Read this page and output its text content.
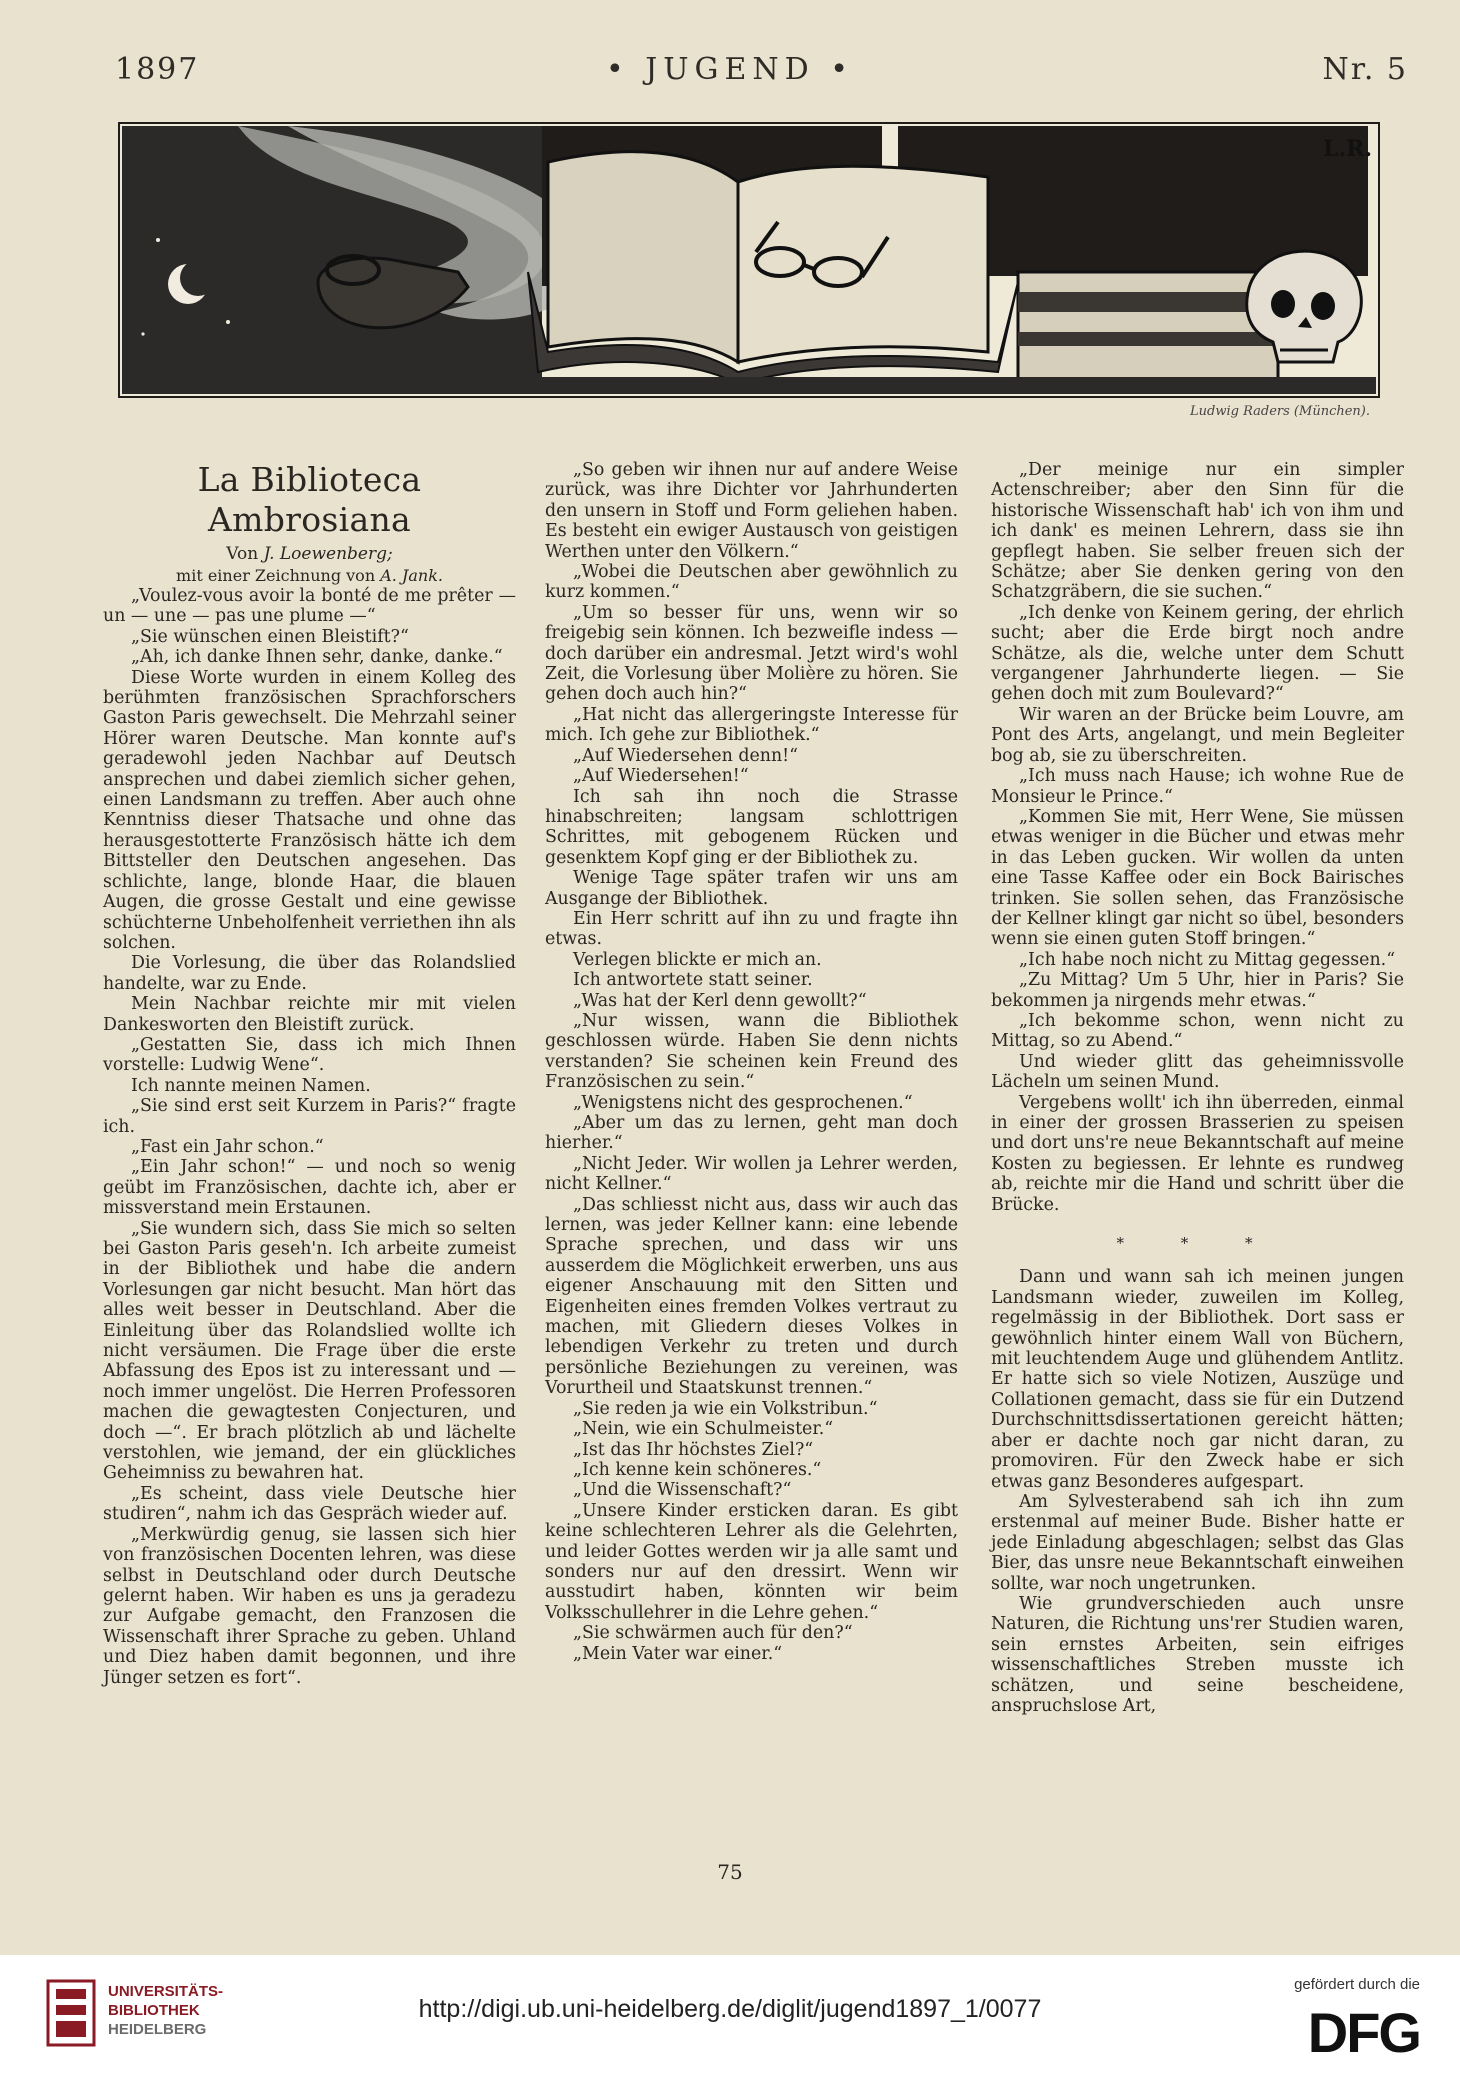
1897	• JUGEND •	Nr. 5
L.R.
Ludwig Raders (München).
La Biblioteca Ambrosiana

Von J. Loewenberg;

mit einer Zeichnung von A. Jank.

„Voulez-vous avoir la bonté de me prêter — un — une — pas une plume —“

„Sie wünschen einen Bleistift?“

„Ah, ich danke Ihnen sehr, danke, danke.“

Diese Worte wurden in einem Kolleg des berühmten französischen Sprachforschers Gaston Paris gewechselt. Die Mehrzahl seiner Hörer waren Deutsche. Man konnte auf's geradewohl jeden Nachbar auf Deutsch ansprechen und dabei ziemlich sicher gehen, einen Landsmann zu treffen. Aber auch ohne Kenntniss dieser Thatsache und ohne das herausgestotterte Französisch hätte ich dem Bittsteller den Deutschen angesehen. Das schlichte, lange, blonde Haar, die blauen Augen, die grosse Gestalt und eine gewisse schüchterne Unbeholfenheit verriethen ihn als solchen.

Die Vorlesung, die über das Rolandslied handelte, war zu Ende.

Mein Nachbar reichte mir mit vielen Dankesworten den Bleistift zurück.

„Gestatten Sie, dass ich mich Ihnen vorstelle: Ludwig Wene“.

Ich nannte meinen Namen.

„Sie sind erst seit Kurzem in Paris?“ fragte ich.

„Fast ein Jahr schon.“

„Ein Jahr schon!“ — und noch so wenig geübt im Französischen, dachte ich, aber er missverstand mein Erstaunen.

„Sie wundern sich, dass Sie mich so selten bei Gaston Paris geseh'n. Ich arbeite zumeist in der Bibliothek und habe die andern Vorlesungen gar nicht besucht. Man hört das alles weit besser in Deutschland. Aber die Einleitung über das Rolandslied wollte ich nicht versäumen. Die Frage über die erste Abfassung des Epos ist zu interessant und — noch immer ungelöst. Die Herren Professoren machen die gewagtesten Conjecturen, und doch —“. Er brach plötzlich ab und lächelte verstohlen, wie jemand, der ein glückliches Geheimniss zu bewahren hat.

„Es scheint, dass viele Deutsche hier studiren“, nahm ich das Gespräch wieder auf.

„Merkwürdig genug, sie lassen sich hier von französischen Docenten lehren, was diese selbst in Deutschland oder durch Deutsche gelernt haben. Wir haben es uns ja geradezu zur Aufgabe gemacht, den Franzosen die Wissenschaft ihrer Sprache zu geben. Uhland und Diez haben damit begonnen, und ihre Jünger setzen es fort“.

„So geben wir ihnen nur auf andere Weise zurück, was ihre Dichter vor Jahrhunderten den unsern in Stoff und Form geliehen haben. Es besteht ein ewiger Austausch von geistigen Werthen unter den Völkern.“

„Wobei die Deutschen aber gewöhnlich zu kurz kommen.“

„Um so besser für uns, wenn wir so freigebig sein können. Ich bezweifle indess — doch darüber ein andresmal. Jetzt wird's wohl Zeit, die Vorlesung über Molière zu hören. Sie gehen doch auch hin?“

„Hat nicht das allergeringste Interesse für mich. Ich gehe zur Bibliothek.“

„Auf Wiedersehen denn!“

„Auf Wiedersehen!“

Ich sah ihn noch die Strasse hinabschreiten; langsam schlottrigen Schrittes, mit gebogenem Rücken und gesenktem Kopf ging er der Bibliothek zu.

Wenige Tage später trafen wir uns am Ausgange der Bibliothek.

Ein Herr schritt auf ihn zu und fragte ihn etwas.

Verlegen blickte er mich an.

Ich antwortete statt seiner.

„Was hat der Kerl denn gewollt?“

„Nur wissen, wann die Bibliothek geschlossen würde. Haben Sie denn nichts verstanden? Sie scheinen kein Freund des Französischen zu sein.“

„Wenigstens nicht des gesprochenen.“

„Aber um das zu lernen, geht man doch hierher.“

„Nicht Jeder. Wir wollen ja Lehrer werden, nicht Kellner.“

„Das schliesst nicht aus, dass wir auch das lernen, was jeder Kellner kann: eine lebende Sprache sprechen, und dass wir uns ausserdem die Möglichkeit erwerben, uns aus eigener Anschauung mit den Sitten und Eigenheiten eines fremden Volkes vertraut zu machen, mit Gliedern dieses Volkes in lebendigen Verkehr zu treten und durch persönliche Beziehungen zu vereinen, was Vorurtheil und Staatskunst trennen.“

„Sie reden ja wie ein Volkstribun.“

„Nein, wie ein Schulmeister.“

„Ist das Ihr höchstes Ziel?“

„Ich kenne kein schöneres.“

„Und die Wissenschaft?“

„Unsere Kinder ersticken daran. Es gibt keine schlechteren Lehrer als die Gelehrten, und leider Gottes werden wir ja alle samt und sonders nur auf den dressirt. Wenn wir ausstudirt haben, könnten wir beim Volksschullehrer in die Lehre gehen.“

„Sie schwärmen auch für den?“

„Mein Vater war einer.“

„Der meinige nur ein simpler Actenschreiber; aber den Sinn für die historische Wissenschaft hab' ich von ihm und ich dank' es meinen Lehrern, dass sie ihn gepflegt haben. Sie selber freuen sich der Schätze; aber Sie denken gering von den Schatzgräbern, die sie suchen.“

„Ich denke von Keinem gering, der ehrlich sucht; aber die Erde birgt noch andre Schätze, als die, welche unter dem Schutt vergangener Jahrhunderte liegen. — Sie gehen doch mit zum Boulevard?“

Wir waren an der Brücke beim Louvre, am Pont des Arts, angelangt, und mein Begleiter bog ab, sie zu überschreiten.

„Ich muss nach Hause; ich wohne Rue de Monsieur le Prince.“

„Kommen Sie mit, Herr Wene, Sie müssen etwas weniger in die Bücher und etwas mehr in das Leben gucken. Wir wollen da unten eine Tasse Kaffee oder ein Bock Bairisches trinken. Sie sollen sehen, das Französische der Kellner klingt gar nicht so übel, besonders wenn sie einen guten Stoff bringen.“

„Ich habe noch nicht zu Mittag gegessen.“

„Zu Mittag? Um 5 Uhr, hier in Paris? Sie bekommen ja nirgends mehr etwas.“

„Ich bekomme schon, wenn nicht zu Mittag, so zu Abend.“

Und wieder glitt das geheimnissvolle Lächeln um seinen Mund.

Vergebens wollt' ich ihn überreden, einmal in einer der grossen Brasserien zu speisen und dort uns're neue Bekanntschaft auf meine Kosten zu begiessen. Er lehnte es rundweg ab, reichte mir die Hand und schritt über die Brücke.

* * *

Dann und wann sah ich meinen jungen Landsmann wieder, zuweilen im Kolleg, regelmässig in der Bibliothek. Dort sass er gewöhnlich hinter einem Wall von Büchern, mit leuchtendem Auge und glühendem Antlitz. Er hatte sich so viele Notizen, Auszüge und Collationen gemacht, dass sie für ein Dutzend Durchschnittsdissertationen gereicht hätten; aber er dachte noch gar nicht daran, zu promoviren. Für den Zweck habe er sich etwas ganz Besonderes aufgespart.

Am Sylvesterabend sah ich ihn zum erstenmal auf meiner Bude. Bisher hatte er jede Einladung abgeschlagen; selbst das Glas Bier, das unsre neue Bekanntschaft einweihen sollte, war noch ungetrunken.

Wie grundverschieden auch unsre Naturen, die Richtung uns'rer Studien waren, sein ernstes Arbeiten, sein eifriges wissenschaftliches Streben musste ich schätzen, und seine bescheidene, anspruchslose Art,

75
UNIVERSITÄTS-
BIBLIOTHEK
HEIDELBERG
http://digi.ub.uni-heidelberg.de/diglit/jugend1897_1/0077
gefördert durch die
DFG
